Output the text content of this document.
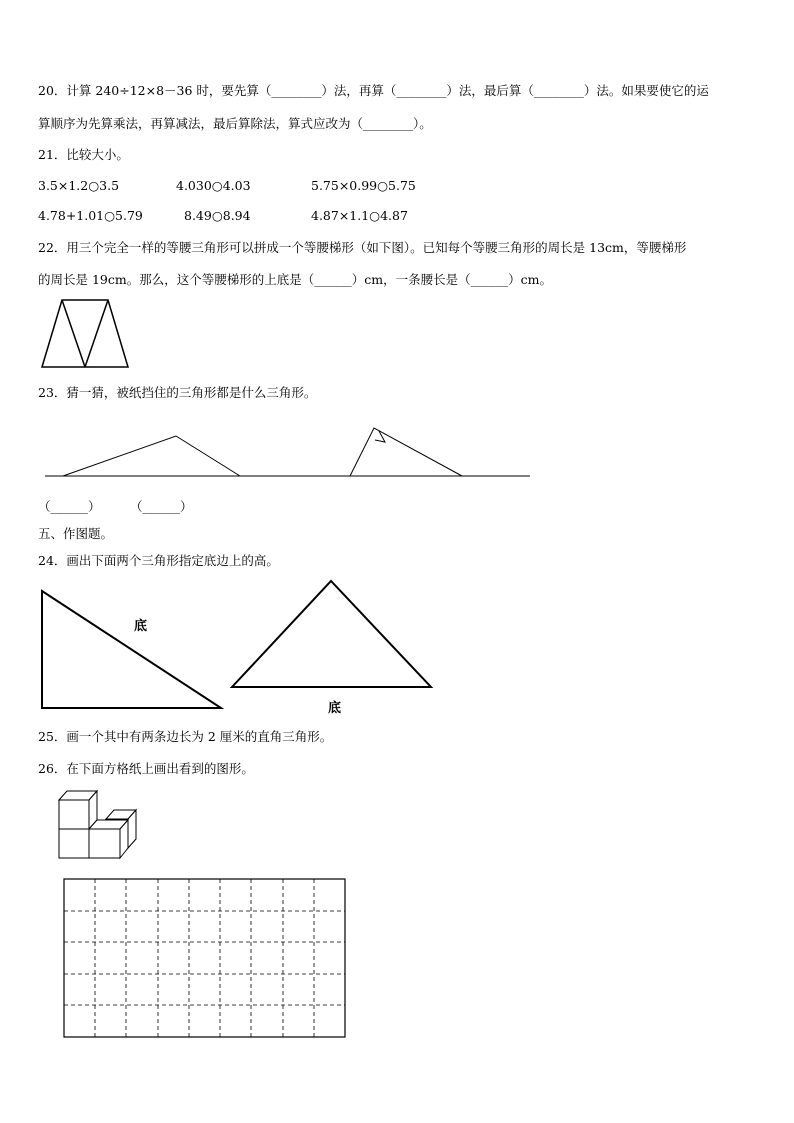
20．计算 240÷12×8－36 时，要先算（________）法，再算（________）法，最后算（________）法。如果要使它的运
算顺序为先算乘法，再算减法，最后算除法，算式应改为（________）。
21．比较大小。
3.5×1.2○3.5	4.030○4.03	5.75×0.99○5.75
4.78+1.01○5.79	8.49○8.94	4.87×1.1○4.87
22．用三个完全一样的等腰三角形可以拼成一个等腰梯形（如下图）。已知每个等腰三角形的周长是 13cm，等腰梯形
的周长是 19cm。那么，这个等腰梯形的上底是（______）cm，一条腰长是（______）cm。
23．猜一猜，被纸挡住的三角形都是什么三角形。
（______） （______）
五、作图题。
24．画出下面两个三角形指定底边上的高。
底
底
25．画一个其中有两条边长为 2 厘米的直角三角形。
26．在下面方格纸上画出看到的图形。
